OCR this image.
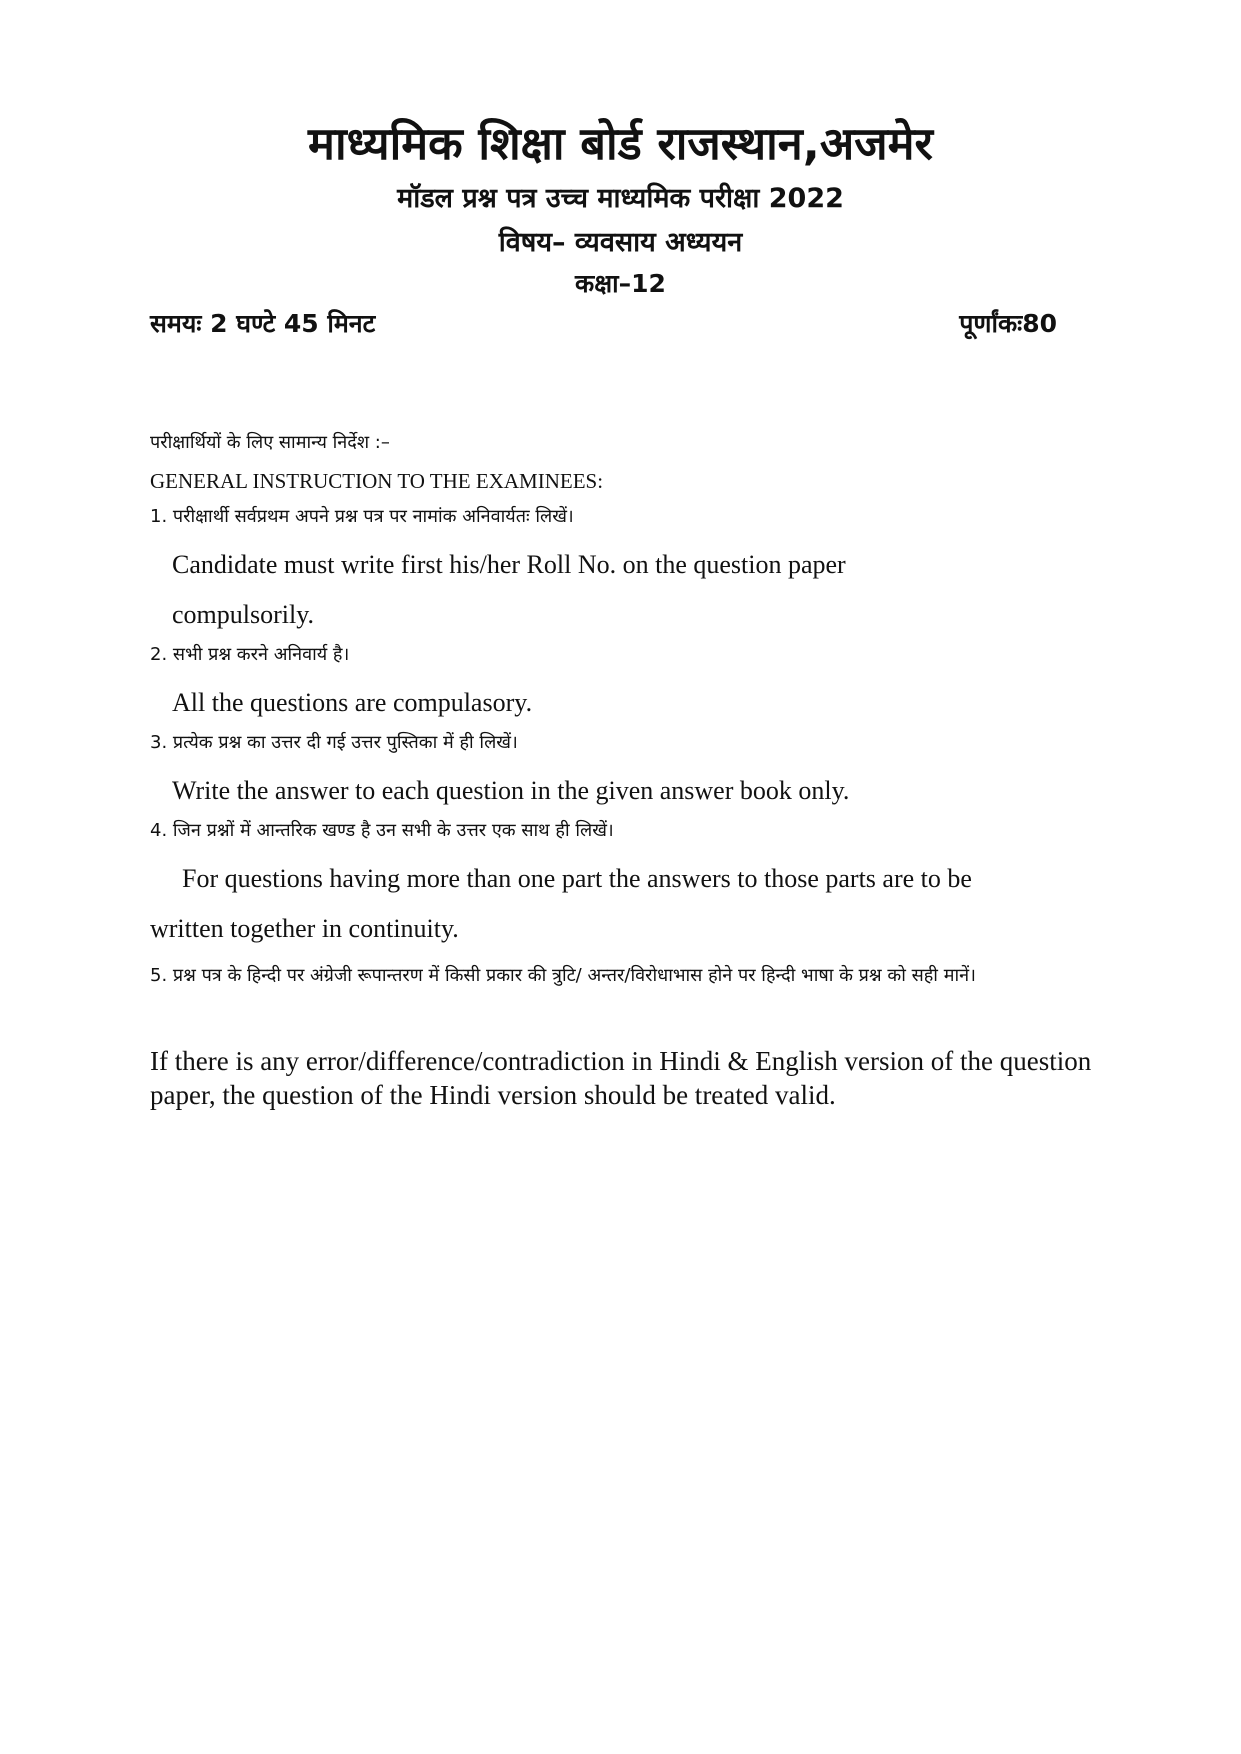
माध्यमिक शिक्षा बोर्ड राजस्थान,अजमेर
मॉडल प्रश्न पत्र उच्च माध्यमिक परीक्षा 2022
विषय– व्यवसाय अध्ययन
कक्षा–12
समयः 2 घण्टे 45 मिनट	पूर्णांकः80

परीक्षार्थियों के लिए सामान्य निर्देश :–

GENERAL INSTRUCTION TO THE EXAMINEES:

1. परीक्षार्थी सर्वप्रथम अपने प्रश्न पत्र पर नामांक अनिवार्यतः लिखें।

Candidate must write first his/her Roll No. on the question paper

compulsorily.

2. सभी प्रश्न करने अनिवार्य है।

All the questions are compulasory.

3. प्रत्येक प्रश्न का उत्तर दी गई उत्तर पुस्तिका में ही लिखें।

Write the answer to each question in the given answer book only.

4. जिन प्रश्नों में आन्तरिक खण्ड है उन सभी के उत्तर एक साथ ही लिखें।

For questions having more than one part the answers to those parts are to be

written together in continuity.

5. प्रश्न पत्र के हिन्दी पर अंग्रेजी रूपान्तरण में किसी प्रकार की त्रुटि/ अन्तर/विरोधाभास होने पर हिन्दी भाषा के प्रश्न को सही मानें।

If there is any error/difference/contradiction in Hindi & English version of the question paper, the question of the Hindi version should be treated valid.
